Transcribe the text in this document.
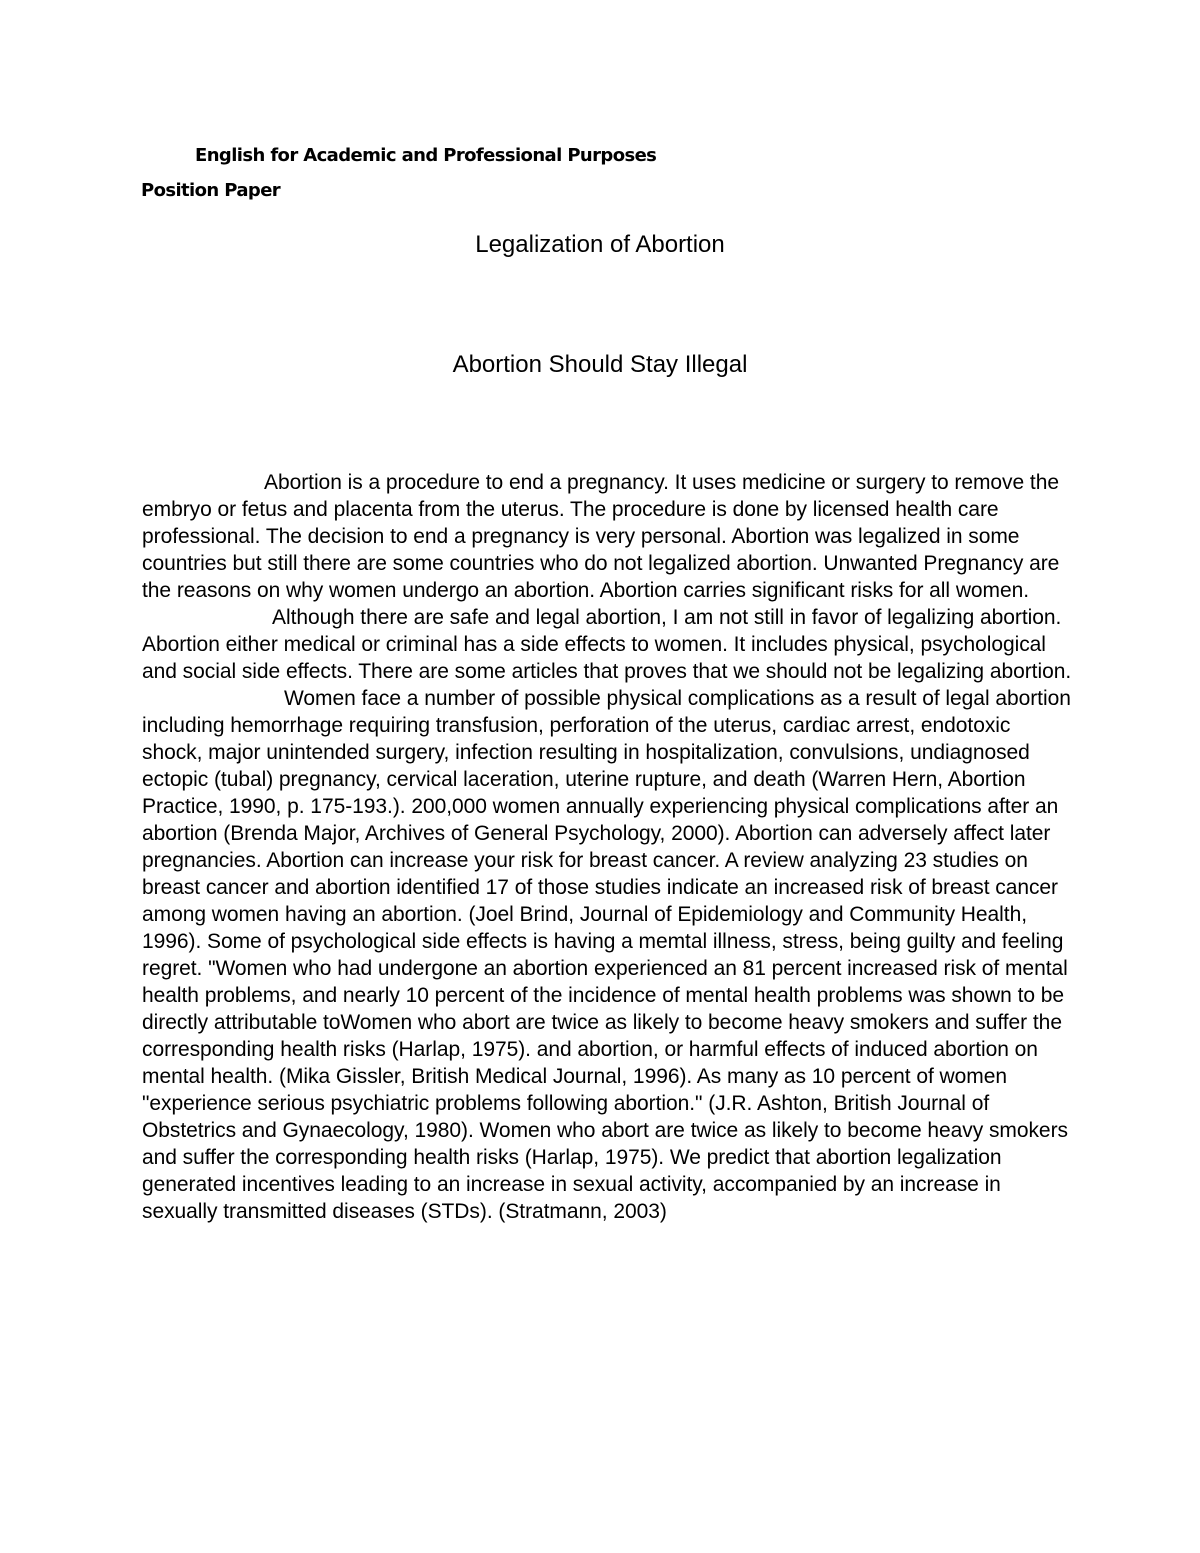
English for Academic and Professional Purposes
Position Paper
Legalization of Abortion
Abortion Should Stay Illegal

Abortion is a procedure to end a pregnancy. It uses medicine or surgery to remove the embryo or fetus and placenta from the uterus. The procedure is done by licensed health care professional. The decision to end a pregnancy is very personal. Abortion was legalized in some countries but still there are some countries who do not legalized abortion. Unwanted Pregnancy are the reasons on why women undergo an abortion. Abortion carries significant risks for all women.

Although there are safe and legal abortion, I am not still in favor of legalizing abortion. Abortion either medical or criminal has a side effects to women. It includes physical, psychological and social side effects. There are some articles that proves that we should not be legalizing abortion.

Women face a number of possible physical complications as a result of legal abortion including hemorrhage requiring transfusion, perforation of the uterus, cardiac arrest, endotoxic shock, major unintended surgery, infection resulting in hospitalization, convulsions, undiagnosed ectopic (tubal) pregnancy, cervical laceration, uterine rupture, and death (Warren Hern, Abortion Practice, 1990, p. 175-193.). 200,000 women annually experiencing physical complications after an abortion (Brenda Major, Archives of General Psychology, 2000). Abortion can adversely affect later pregnancies. Abortion can increase your risk for breast cancer. A review analyzing 23 studies on breast cancer and abortion identified 17 of those studies indicate an increased risk of breast cancer among women having an abortion. (Joel Brind, Journal of Epidemiology and Community Health, 1996). Some of psychological side effects is having a memtal illness, stress, being guilty and feeling regret. "Women who had undergone an abortion experienced an 81 percent increased risk of mental health problems, and nearly 10 percent of the incidence of mental health problems was shown to be directly attributable toWomen who abort are twice as likely to become heavy smokers and suffer the corresponding health risks (Harlap, 1975). and abortion, or harmful effects of induced abortion on mental health. (Mika Gissler, British Medical Journal, 1996). As many as 10 percent of women "experience serious psychiatric problems following abortion." (J.R. Ashton, British Journal of Obstetrics and Gynaecology, 1980). Women who abort are twice as likely to become heavy smokers and suffer the corresponding health risks (Harlap, 1975). We predict that abortion legalization generated incentives leading to an increase in sexual activity, accompanied by an increase in sexually transmitted diseases (STDs). (Stratmann, 2003)
